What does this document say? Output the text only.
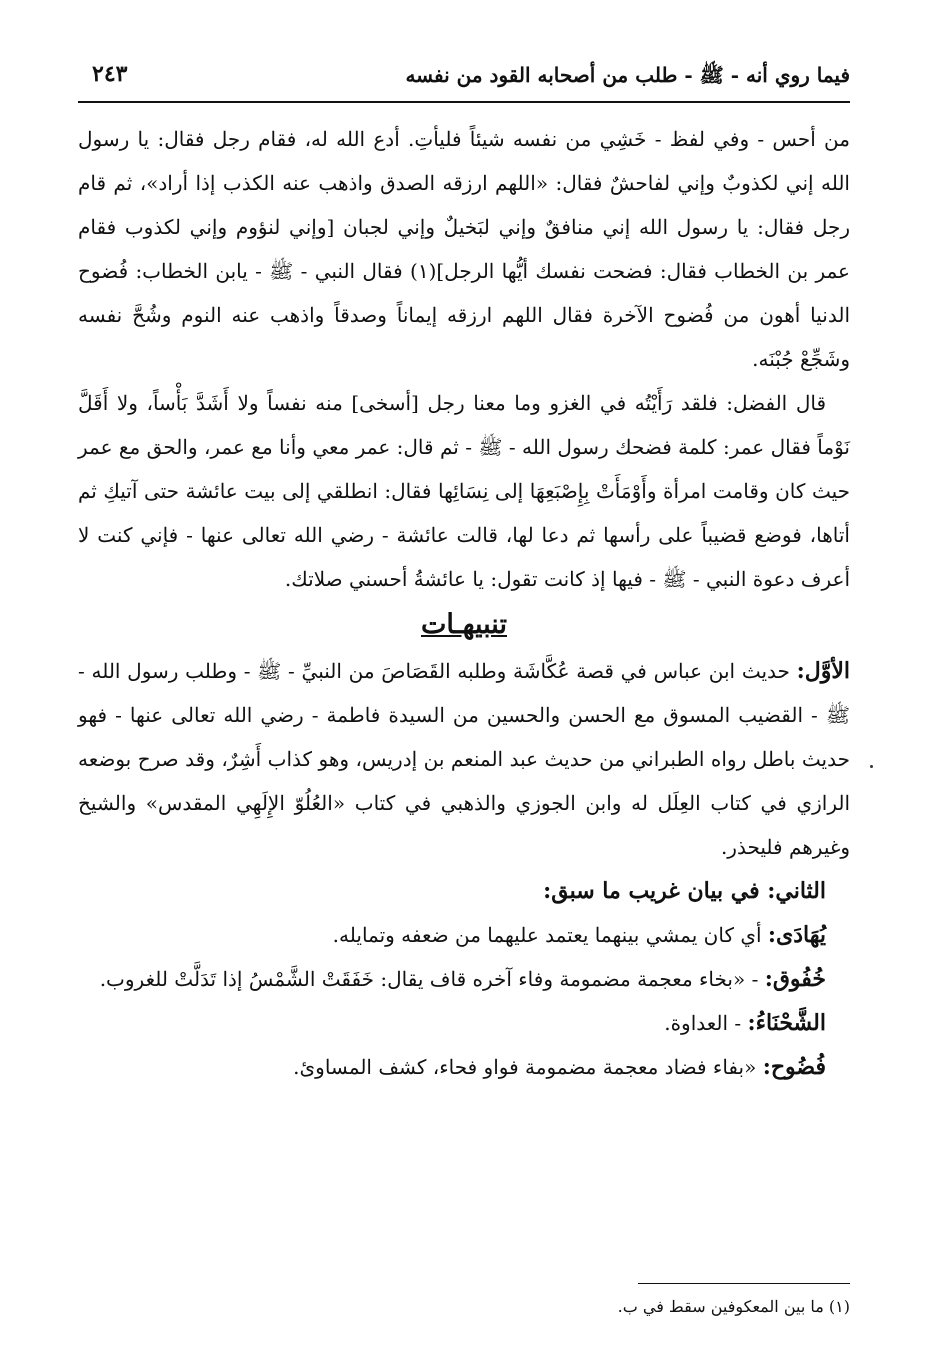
فيما روي أنه - ﷺ - طلب من أصحابه القود من نفسه
٢٤٣

من أحس - وفي لفظ - خَشِي من نفسه شيئاً فليأتِ. أدع الله له، فقام رجل فقال: يا رسول الله إني لكذوبٌ وإني لفاحشٌ فقال: «اللهم ارزقه الصدق واذهب عنه الكذب إذا أراد»، ثم قام رجل فقال: يا رسول الله إني منافقٌ وإني لبَخيلٌ وإني لجبان [وإني لنؤوم وإني لكذوب فقام عمر بن الخطاب فقال: فضحت نفسك أيُّها الرجل](١) فقال النبي - ﷺ - يابن الخطاب: فُضوح الدنيا أهون من فُضوح الآخرة فقال اللهم ارزقه إيماناً وصدقاً واذهب عنه النوم وشُحَّ نفسه وشَجِّعْ جُبْنَه.

قال الفضل: فلقد رَأَيْتُه في الغزو وما معنا رجل [أسخى] منه نفساً ولا أَشَدَّ بَأْساً، ولا أَقَلَّ نَوْماً فقال عمر: كلمة فضحك رسول الله - ﷺ - ثم قال: عمر معي وأنا مع عمر، والحق مع عمر حيث كان وقامت امرأة وأَوْمَأَتْ بِإِصْبَعِهَا إلى نِسَائِها فقال: انطلقي إلى بيت عائشة حتى آتيكِ ثم أتاها، فوضع قضيباً على رأسها ثم دعا لها، قالت عائشة - رضي الله تعالى عنها - فإني كنت لا أعرف دعوة النبي - ﷺ - فيها إذ كانت تقول: يا عائشةُ أحسني صلاتك.

تنبيهـات

الأوَّل: حديث ابن عباس في قصة عُكَّاشَة وطلبه القَصَاصَ من النبيِّ - ﷺ - وطلب رسول الله - ﷺ - القضيب المسوق مع الحسن والحسين من السيدة فاطمة - رضي الله تعالى عنها - فهو حديث باطل رواه الطبراني من حديث عبد المنعم بن إدريس، وهو كذاب أَشِرٌ، وقد صرح بوضعه الرازي في كتاب العِلَل له وابن الجوزي والذهبي في كتاب «العُلُوّ الإِلَهِي المقدس» والشيخ وغيرهم فليحذر.

الثاني: في بيان غريب ما سبق:

يُهَادَى: أي كان يمشي بينهما يعتمد عليهما من ضعفه وتمايله.

خُفُوق: - «بخاء معجمة مضمومة وفاء آخره قاف يقال: خَفَقَتْ الشَّمْسُ إذا تَدَلَّتْ للغروب.

الشَّحْنَاءُ: - العداوة.

فُضُوح: «بفاء فضاد معجمة مضمومة فواو فحاء، كشف المساوئ.

(١) ما بين المعكوفين سقط في ب.
